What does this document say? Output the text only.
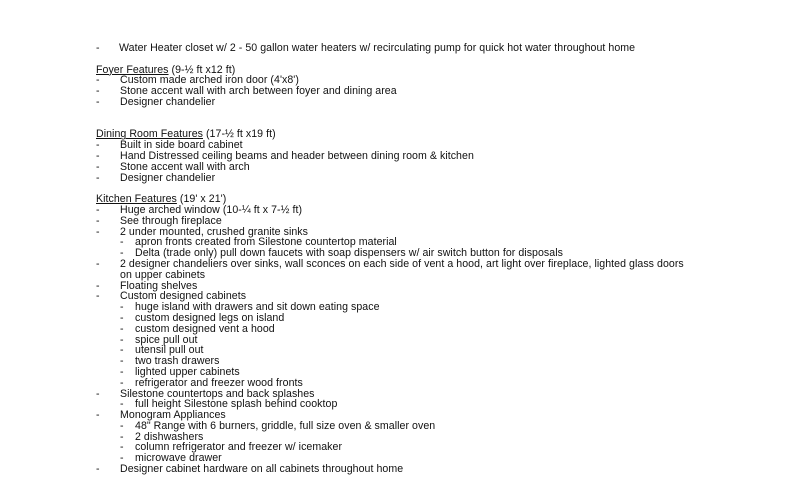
-	Water Heater closet w/ 2 - 50 gallon water heaters w/ recirculating pump for quick hot water throughout home
Foyer Features (9-½ ft x12 ft)
-	Custom made arched iron door (4'x8')
-	Stone accent wall with arch between foyer and dining area
-	Designer chandelier
Dining Room Features (17-½ ft x19 ft)
-	Built in side board cabinet
-	Hand Distressed ceiling beams and header between dining room & kitchen
-	Stone accent wall with arch
-	Designer chandelier
Kitchen Features (19' x 21')
-	Huge arched window (10-¼ ft x 7-½ ft)
-	See through fireplace
-	2 under mounted, crushed granite sinks
-	apron fronts created from Silestone countertop material
-	Delta (trade only) pull down faucets with soap dispensers w/ air switch button for disposals
-	2 designer chandeliers over sinks, wall sconces on each side of vent a hood, art light over fireplace, lighted glass doors on upper cabinets
-	Floating shelves
-	Custom designed cabinets
-	huge island with drawers and sit down eating space
-	custom designed legs on island
-	custom designed vent a hood
-	spice pull out
-	utensil pull out
-	two trash drawers
-	lighted upper cabinets
-	refrigerator and freezer wood fronts
-	Silestone countertops and back splashes
-	full height Silestone splash behind cooktop
-	Monogram Appliances
-	48" Range with 6 burners, griddle, full size oven & smaller oven
-	2 dishwashers
-	column refrigerator and freezer w/ icemaker
-	microwave drawer
-	Designer cabinet hardware on all cabinets throughout home
